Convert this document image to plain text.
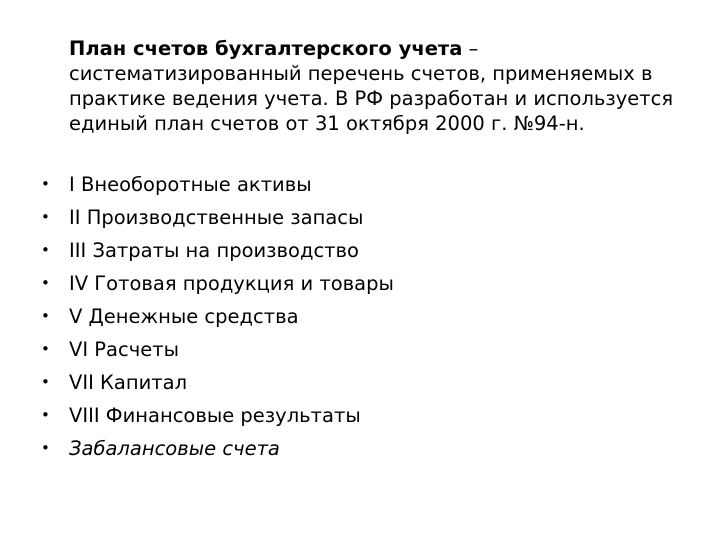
План счетов бухгалтерского учета – систематизированный перечень счетов, применяемых в практике ведения учета. В РФ разработан и используется единый план счетов от 31 октября 2000 г. №94-н.

• I Внеоборотные активы
• II Производственные запасы
• III Затраты на производство
• IV Готовая продукция и товары
• V Денежные средства
• VI Расчеты
• VII Капитал
• VIII Финансовые результаты
• Забалансовые счета
